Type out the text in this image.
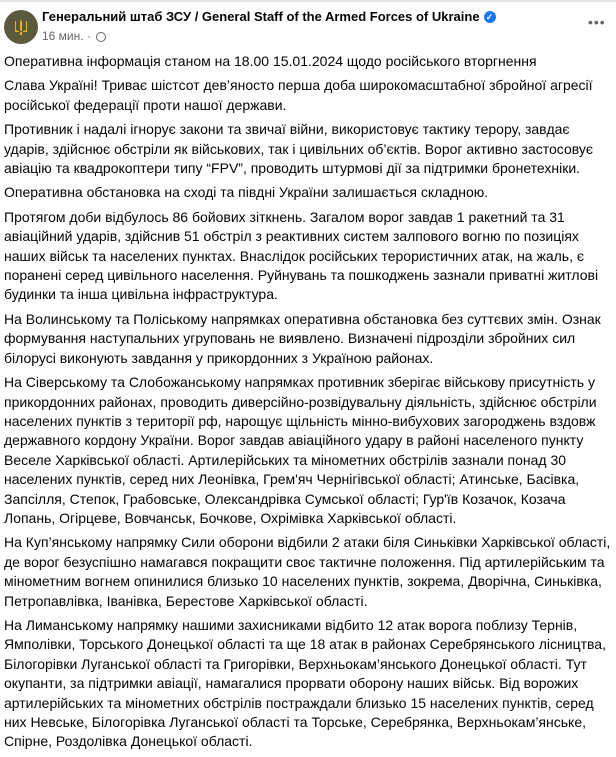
Генеральний штаб ЗСУ / General Staff of the Armed Forces of Ukraine ✓
16 мин. ·
•••
Оперативна інформація станом на 18.00 15.01.2024 щодо російського вторгнення
Слава Україні! Триває шістсот дев’яносто перша доба широкомасштабної збройної агресії
російської федерації проти нашої держави.
Противник і надалі ігнорує закони та звичаї війни, використовує тактику терору, завдає
ударів, здійснює обстріли як військових, так і цивільних об’єктів. Ворог активно застосовує
авіацію та квадрокоптери типу “FPV”, проводить штурмові дії за підтримки бронетехніки.
Оперативна обстановка на сході та півдні України залишається складною.
Протягом доби відбулось 86 бойових зіткнень. Загалом ворог завдав 1 ракетний та 31
авіаційний ударів, здійснив 51 обстріл з реактивних систем залпового вогню по позиціях
наших військ та населених пунктах. Внаслідок російських терористичних атак, на жаль, є
поранені серед цивільного населення. Руйнувань та пошкоджень зазнали приватні житлові
будинки та інша цивільна інфраструктура.
На Волинському та Поліському напрямках оперативна обстановка без суттєвих змін. Ознак
формування наступальних угруповань не виявлено. Визначені підрозділи збройних сил
білорусі виконують завдання у прикордонних з Україною районах.
На Сіверському та Слобожанському напрямках противник зберігає військову присутність у
прикордонних районах, проводить диверсійно-розвідувальну діяльність, здійснює обстріли
населених пунктів з території рф, нарощує щільність мінно-вибухових загороджень вздовж
державного кордону України. Ворог завдав авіаційного удару в районі населеного пункту
Веселе Харківської області. Артилерійських та мінометних обстрілів зазнали понад 30
населених пунктів, серед них Леонівка, Грем'яч Чернігівської області; Атинське, Басівка,
Запсілля, Степок, Грабовське, Олександрівка Сумської області; Гур'їв Козачок, Козача
Лопань, Огірцеве, Вовчанськ, Бочкове, Охрімівка Харківської області.
На Куп’янському напрямку Сили оборони відбили 2 атаки біля Синьківки Харківської області,
де ворог безуспішно намагався покращити своє тактичне положення. Під артилерійським та
мінометним вогнем опинилися близько 10 населених пунктів, зокрема, Дворічна, Синьківка,
Петропавлівка, Іванівка, Берестове Харківської області.
На Лиманському напрямку нашими захисниками відбито 12 атак ворога поблизу Тернів,
Ямполівки, Торського Донецької області та ще 18 атак в районах Серебрянського лісництва,
Білогорівки Луганської області та Григорівки, Верхньокам’янського Донецької області. Тут
окупанти, за підтримки авіації, намагалися прорвати оборону наших військ. Від ворожих
артилерійських та мінометних обстрілів постраждали близько 15 населених пунктів, серед
них Невське, Білогорівка Луганської області та Торське, Серебрянка, Верхньокам’янське,
Спірне, Роздолівка Донецької області.
